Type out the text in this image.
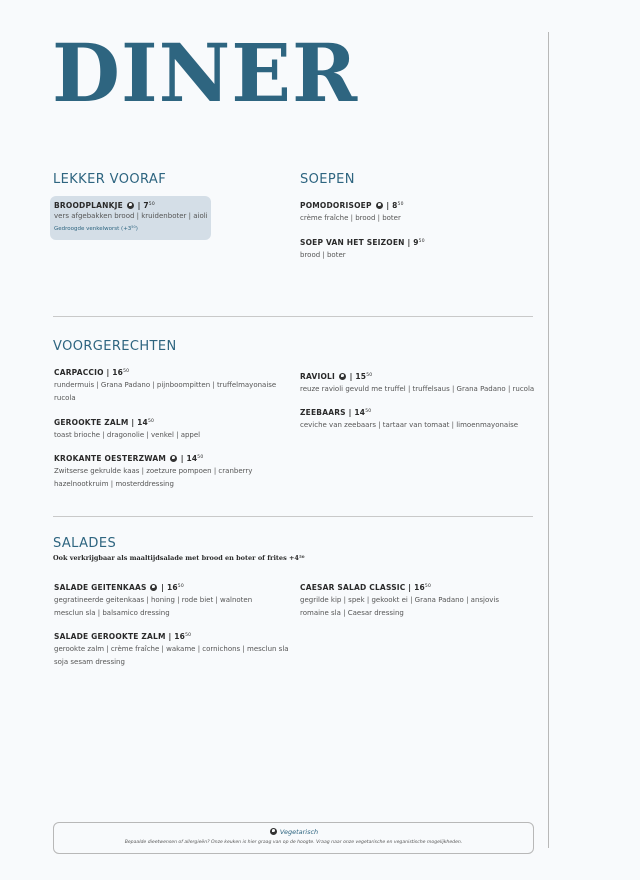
DINER
LEKKER VOORAF
BROODPLANKJE  | $7^{50}$
vers afgebakken brood | kruidenboter | aioli
Gedroogde venkelworst $(+3^{50})$
SOEPEN
POMODORISOEP  | $8^{50}$
crème fraîche | brood | boter
SOEP VAN HET SEIZOEN | $9^{50}$
brood | boter
VOORGERECHTEN
CARPACCIO | $16^{50}$
rundermuis | Grana Padano | pijnboompitten | truffelmayonaise
rucola
GEROOKTE ZALM | $14^{50}$
toast brioche | dragonolie | venkel | appel
KROKANTE OESTERZWAM  | $14^{50}$
Zwitserse gekrulde kaas | zoetzure pompoen | cranberry
hazelnootkruim | mosterddressing
RAVIOLI  | $15^{50}$
reuze ravioli gevuld me truffel | truffelsaus | Grana Padano | rucola
ZEEBAARS | $14^{50}$
ceviche van zeebaars | tartaar van tomaat | limoenmayonaise
SALADES
Ook verkrijgbaar als maaltijdsalade met brood en boter of frites $+4^{50}$
SALADE GEITENKAAS  | $16^{50}$
gegratineerde geitenkaas | honing | rode biet | walnoten
mesclun sla | balsamico dressing
SALADE GEROOKTE ZALM | $16^{50}$
gerookte zalm | crème fraîche | wakame | cornichons | mesclun sla
soja sesam dressing
CAESAR SALAD CLASSIC | $16^{50}$
gegrilde kip | spek | gekookt ei | Grana Padano | ansjovis
romaine sla | Caesar dressing
Vegetarisch
Bepaalde dieetwensen of allergieën? Onze keuken is hier graag van op de hoogte. Vraag naar onze vegetarische en veganistische mogelijkheden.
